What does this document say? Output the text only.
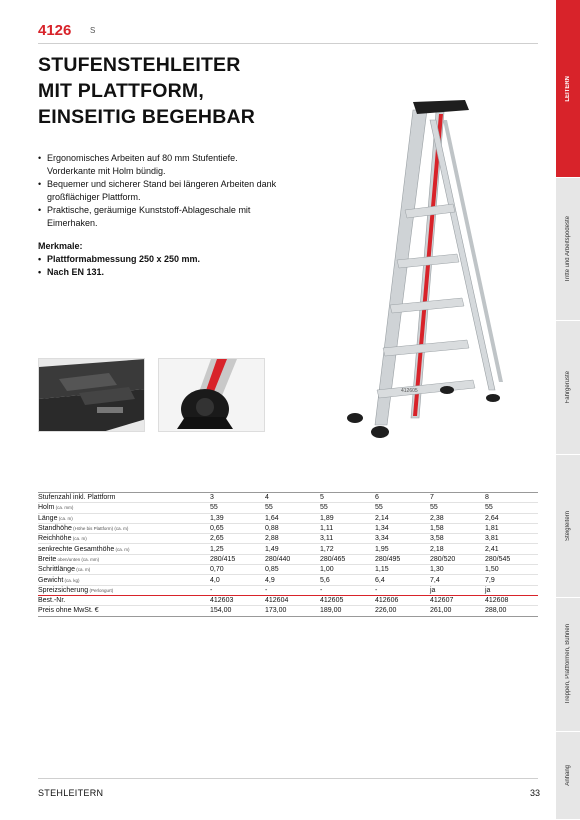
4126 S
STUFENSTEHLEITER
MIT PLATTFORM,
EINSEITIG BEGEHBAR
• Ergonomisches Arbeiten auf 80 mm Stufentiefe. Vorderkante mit Holm bündig.
• Bequemer und sicherer Stand bei längeren Arbeiten dank großflächiger Plattform.
• Praktische, geräumige Kunststoff-Ablageschale mit Eimerhaken.
Merkmale:
• Plattformabmessung 250 x 250 mm.
• Nach EN 131.
412605
Stufenzahl inkl. Plattform	3	4	5	6	7	8
Holm (ca. mm)	55	55	55	55	55	55
Länge (ca. m)	1,39	1,64	1,89	2,14	2,38	2,64
Standhöhe (Höhe bis Plattform) (ca. m)	0,65	0,88	1,11	1,34	1,58	1,81
Reichhöhe (ca. m)	2,65	2,88	3,11	3,34	3,58	3,81
senkrechte Gesamthöhe (ca. m)	1,25	1,49	1,72	1,95	2,18	2,41
Breite oben/unten (ca. mm)	280/415	280/440	280/465	280/495	280/520	280/545
Schrittlänge (ca. m)	0,70	0,85	1,00	1,15	1,30	1,50
Gewicht (ca. kg)	4,0	4,9	5,6	6,4	7,4	7,9
Spreizsicherung (Perlongurt)	-	-	-	-	ja	ja
Best.-Nr.	412603	412604	412605	412606	412607	412608
Preis ohne MwSt. €	154,00	173,00	189,00	226,00	261,00	288,00
STEHLEITERN	33
LEITERN
Tritte und Arbeitspodeste
Fahrgerüste
Steigleitern
Treppen, Plattformen, Bühnen
Anhang
